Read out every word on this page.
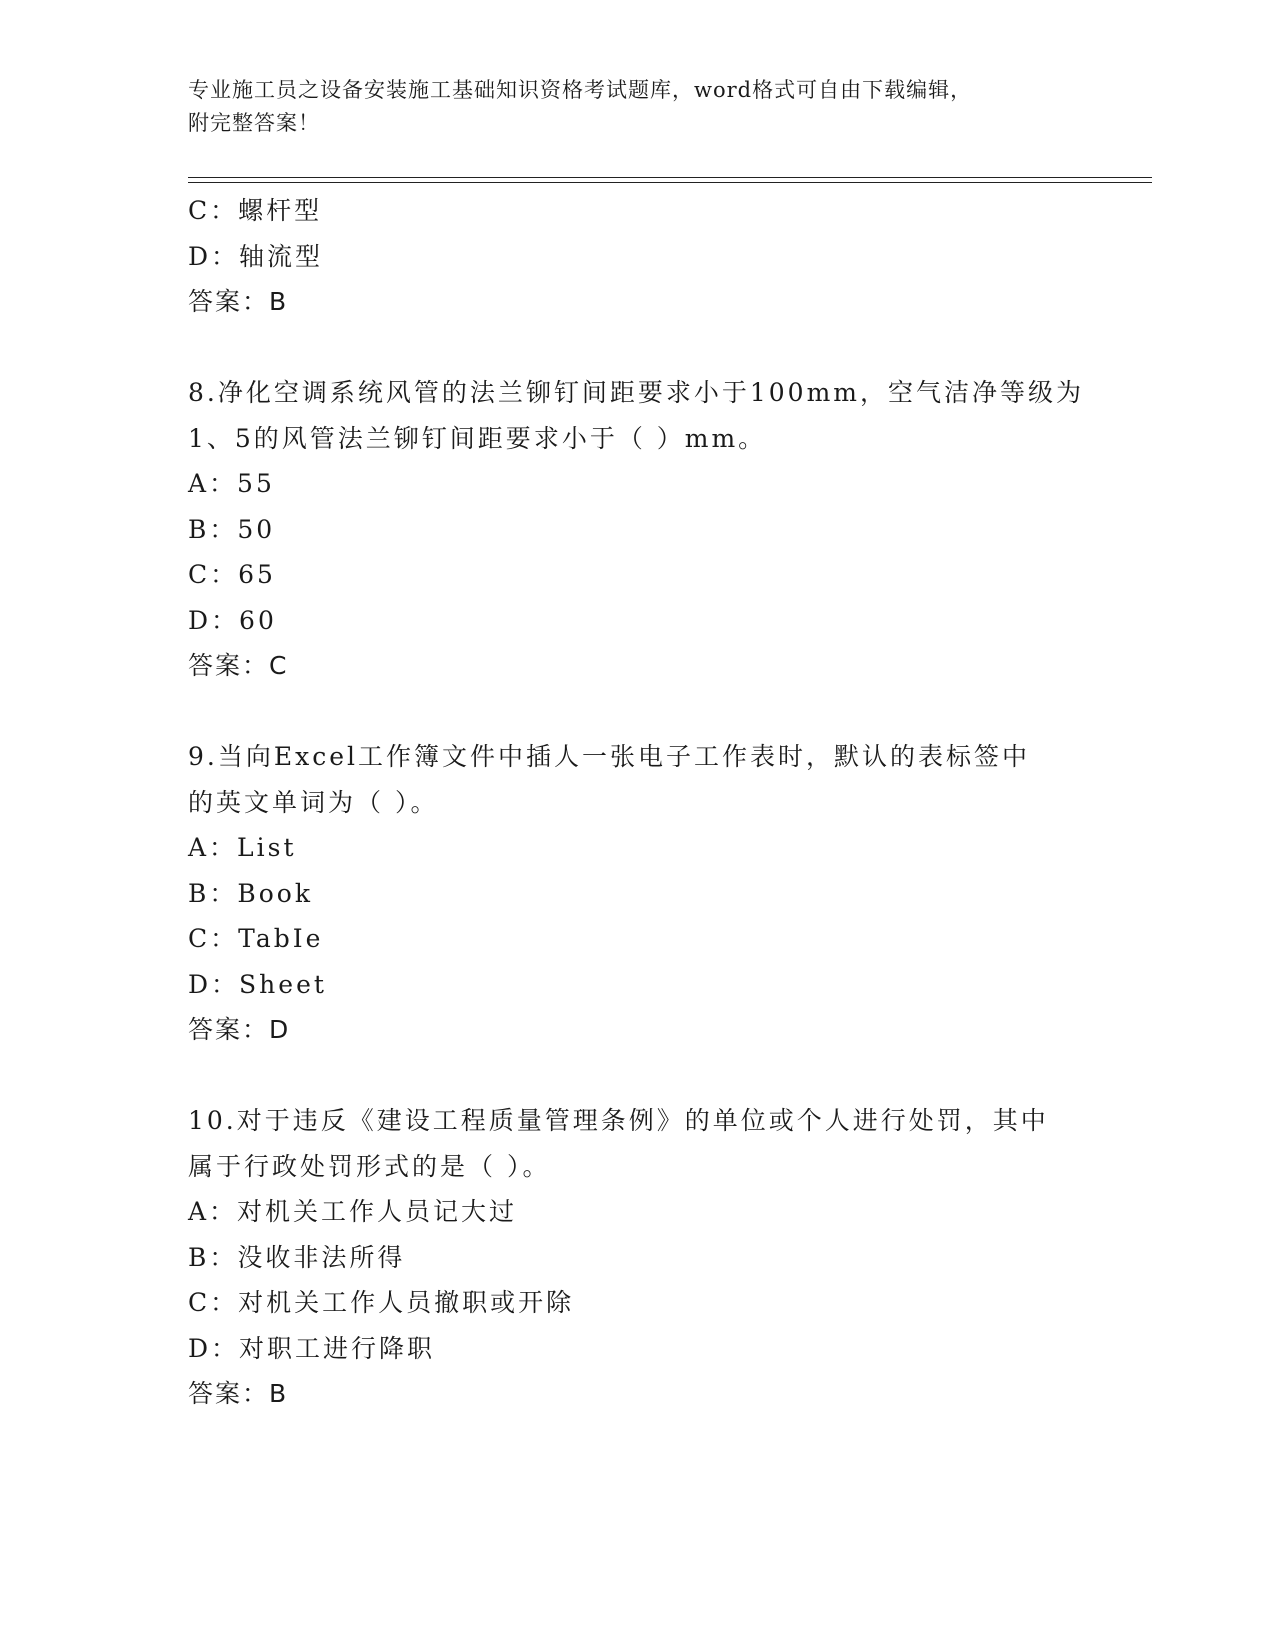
专业施工员之设备安装施工基础知识资格考试题库，word格式可自由下载编辑，
附完整答案！
C：螺杆型
D：轴流型
答案：B
8.净化空调系统风管的法兰铆钉间距要求小于100mm，空气洁净等级为
1、5的风管法兰铆钉间距要求小于（ ）mm。
A：55
B：50
C：65
D：60
答案：C
9.当向Excel工作簿文件中插人一张电子工作表时，默认的表标签中
的英文单词为（ ）。
A：List
B：Book
C：TabIe
D：Sheet
答案：D
10.对于违反《建设工程质量管理条例》的单位或个人进行处罚，其中
属于行政处罚形式的是（ ）。
A：对机关工作人员记大过
B：没收非法所得
C：对机关工作人员撤职或开除
D：对职工进行降职
答案：B
